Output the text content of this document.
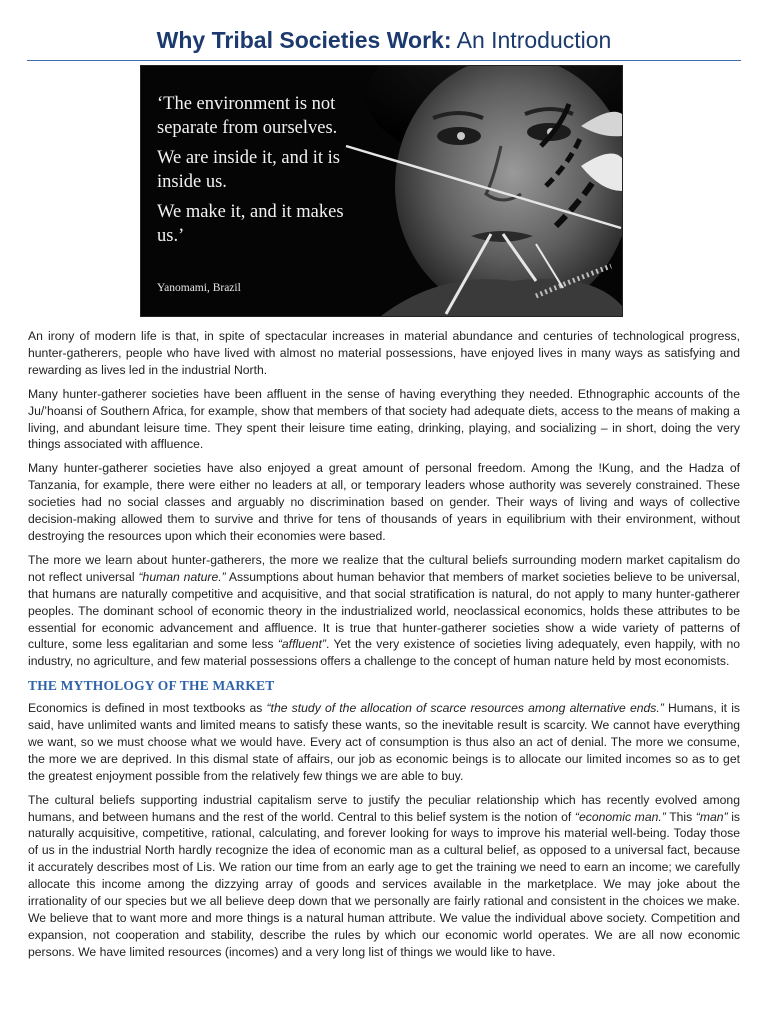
Why Tribal Societies Work: An Introduction

‘The environment is not separate from ourselves.

We are inside it, and it is inside us.

We make it, and it makes us.’

Yanomami, Brazil

An irony of modern life is that, in spite of spectacular increases in material abundance and centuries of technological progress, hunter-gatherers, people who have lived with almost no material possessions, have enjoyed lives in many ways as satisfying and rewarding as lives led in the industrial North.

Many hunter-gatherer societies have been affluent in the sense of having everything they needed. Ethnographic accounts of the Ju/’hoansi of Southern Africa, for example, show that members of that society had adequate diets, access to the means of making a living, and abundant leisure time. They spent their leisure time eating, drinking, playing, and socializing – in short, doing the very things associated with affluence.

Many hunter-gatherer societies have also enjoyed a great amount of personal freedom. Among the !Kung, and the Hadza of Tanzania, for example, there were either no leaders at all, or temporary leaders whose authority was severely constrained. These societies had no social classes and arguably no discrimination based on gender. Their ways of living and ways of collective decision-making allowed them to survive and thrive for tens of thousands of years in equilibrium with their environment, without destroying the resources upon which their economies were based.

The more we learn about hunter-gatherers, the more we realize that the cultural beliefs surrounding modern market capitalism do not reflect universal “human nature.” Assumptions about human behavior that members of market societies believe to be universal, that humans are naturally competitive and acquisitive, and that social stratification is natural, do not apply to many hunter-gatherer peoples. The dominant school of economic theory in the industrialized world, neoclassical economics, holds these attributes to be essential for economic advancement and affluence. It is true that hunter-gatherer societies show a wide variety of patterns of culture, some less egalitarian and some less “affluent”. Yet the very existence of societies living adequately, even happily, with no industry, no agriculture, and few material possessions offers a challenge to the concept of human nature held by most economists.

THE MYTHOLOGY OF THE MARKET

Economics is defined in most textbooks as “the study of the allocation of scarce resources among alternative ends.” Humans, it is said, have unlimited wants and limited means to satisfy these wants, so the inevitable result is scarcity. We cannot have everything we want, so we must choose what we would have. Every act of consumption is thus also an act of denial. The more we consume, the more we are deprived. In this dismal state of affairs, our job as economic beings is to allocate our limited incomes so as to get the greatest enjoyment possible from the relatively few things we are able to buy.

The cultural beliefs supporting industrial capitalism serve to justify the peculiar relationship which has recently evolved among humans, and between humans and the rest of the world. Central to this belief system is the notion of “economic man.” This “man” is naturally acquisitive, competitive, rational, calculating, and forever looking for ways to improve his material well-being. Today those of us in the industrial North hardly recognize the idea of economic man as a cultural belief, as opposed to a universal fact, because it accurately describes most of Lis. We ration our time from an early age to get the training we need to earn an income; we carefully allocate this income among the dizzying array of goods and services available in the marketplace. We may joke about the irrationality of our species but we all believe deep down that we personally are fairly rational and consistent in the choices we make. We believe that to want more and more things is a natural human attribute. We value the individual above society. Competition and expansion, not cooperation and stability, describe the rules by which our economic world operates. We are all now economic persons. We have limited resources (incomes) and a very long list of things we would like to have.
